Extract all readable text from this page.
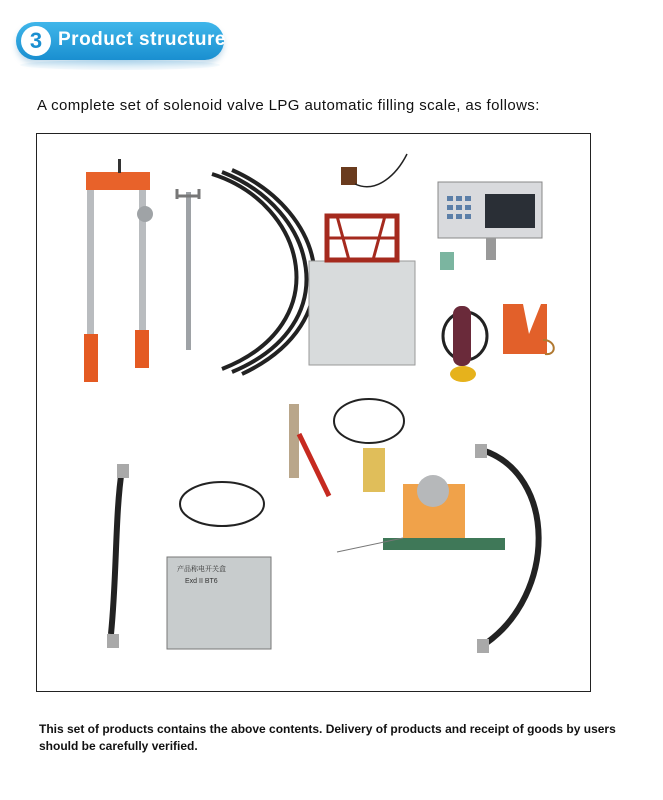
3 Product structure
A complete set of solenoid valve LPG automatic filling scale, as follows:
产品称电开关盒
Exd II BT6
This set of products contains the above contents. Delivery of products and receipt of goods by users should be carefully verified.
